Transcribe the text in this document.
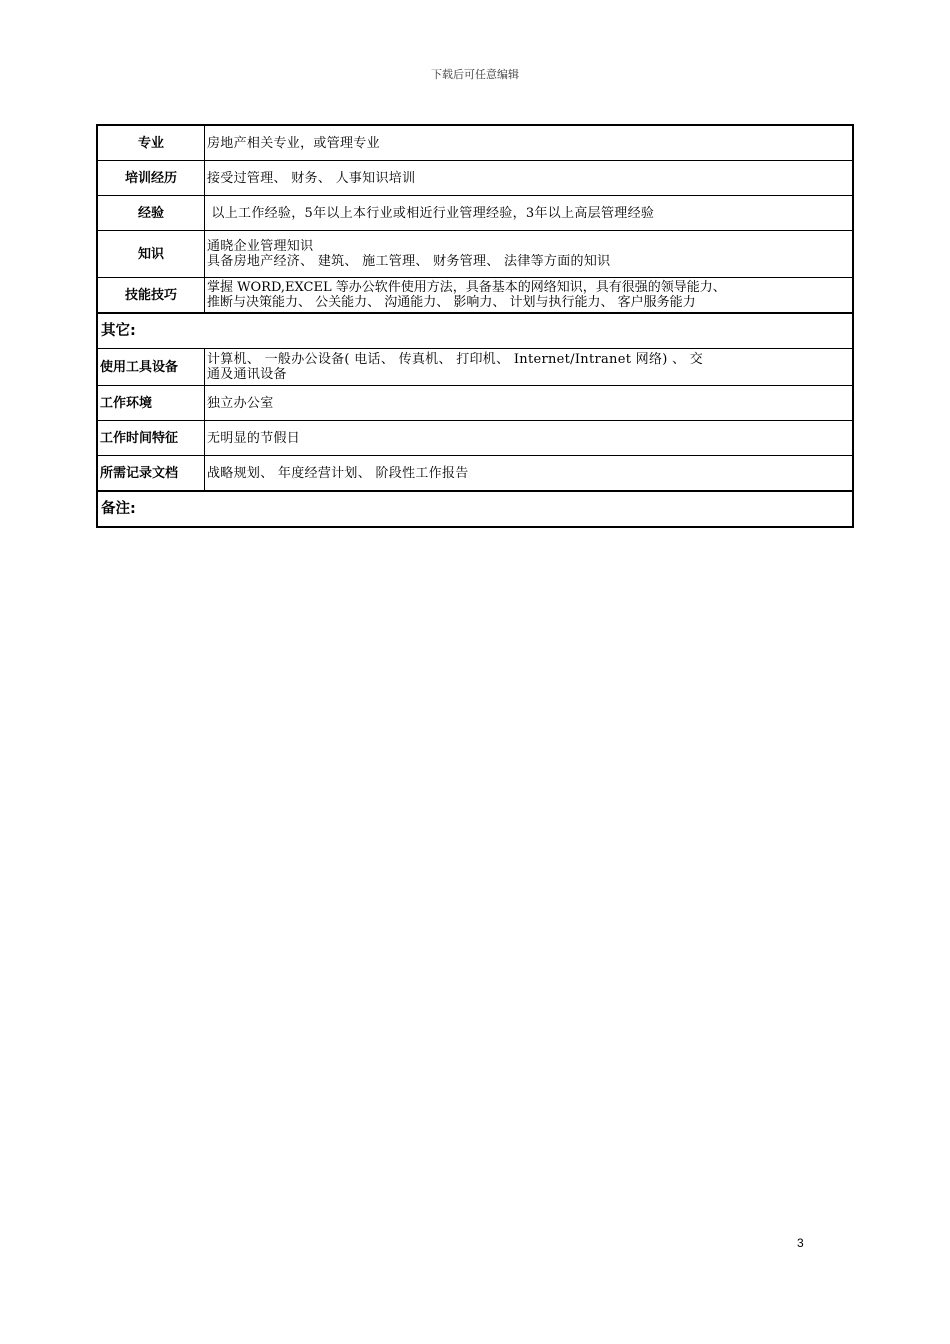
下载后可任意编辑
专业	房地产相关专业，或管理专业
培训经历	接受过管理、 财务、 人事知识培训
经验	以上工作经验，5年以上本行业或相近行业管理经验，3年以上高层管理经验
知识	通晓企业管理知识
具备房地产经济、 建筑、 施工管理、 财务管理、 法律等方面的知识

技能技巧	掌握 WORD,EXCEL 等办公软件使用方法，具备基本的网络知识，具有很强的领导能力、
推断与决策能力、 公关能力、 沟通能力、 影响力、 计划与执行能力、 客户服务能力

其它:	
使用工具设备	计算机、 一般办公设备( 电话、 传真机、 打印机、 Internet/Intranet 网络) 、 交
通及通讯设备

工作环境	独立办公室
工作时间特征	无明显的节假日
所需记录文档	战略规划、 年度经营计划、 阶段性工作报告
备注:	
3
